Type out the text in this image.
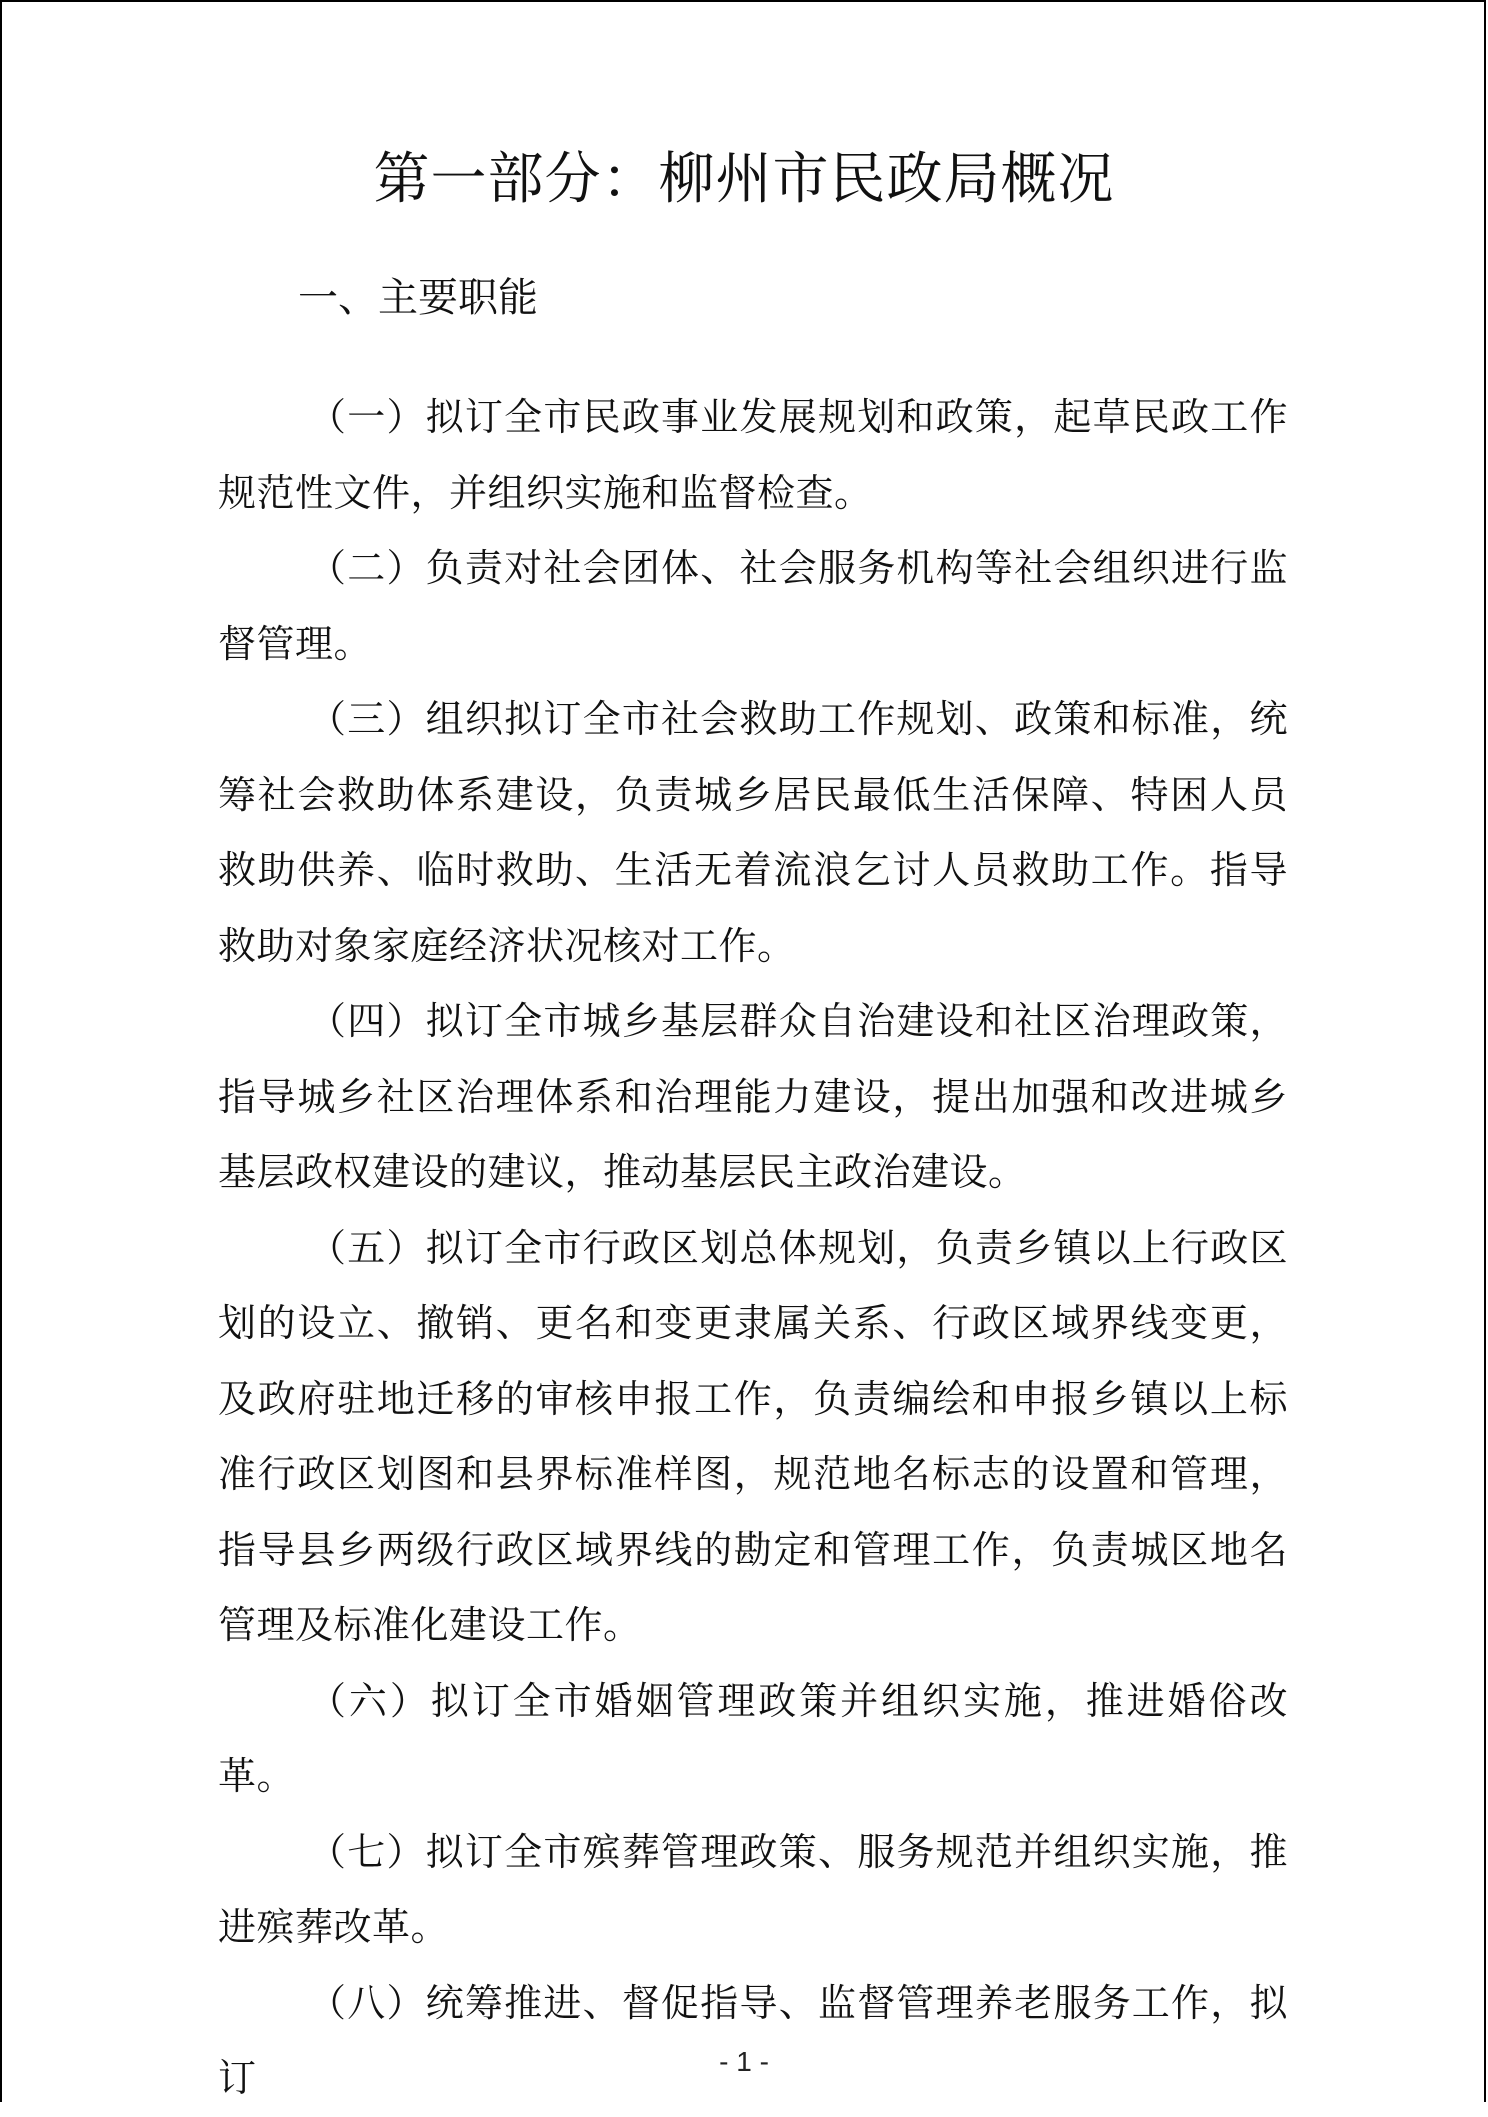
第一部分：柳州市民政局概况
一、主要职能

（一）拟订全市民政事业发展规划和政策，起草民政工作规范性文件，并组织实施和监督检查。

（二）负责对社会团体、社会服务机构等社会组织进行监督管理。

（三）组织拟订全市社会救助工作规划、政策和标准，统筹社会救助体系建设，负责城乡居民最低生活保障、特困人员救助供养、临时救助、生活无着流浪乞讨人员救助工作。指导救助对象家庭经济状况核对工作。

（四）拟订全市城乡基层群众自治建设和社区治理政策，指导城乡社区治理体系和治理能力建设，提出加强和改进城乡基层政权建设的建议，推动基层民主政治建设。

（五）拟订全市行政区划总体规划，负责乡镇以上行政区划的设立、撤销、更名和变更隶属关系、行政区域界线变更，及政府驻地迁移的审核申报工作，负责编绘和申报乡镇以上标准行政区划图和县界标准样图，规范地名标志的设置和管理，指导县乡两级行政区域界线的勘定和管理工作，负责城区地名管理及标准化建设工作。

（六）拟订全市婚姻管理政策并组织实施，推进婚俗改革。

（七）拟订全市殡葬管理政策、服务规范并组织实施，推进殡葬改革。

（八）统筹推进、督促指导、监督管理养老服务工作，拟订	- 1 -
